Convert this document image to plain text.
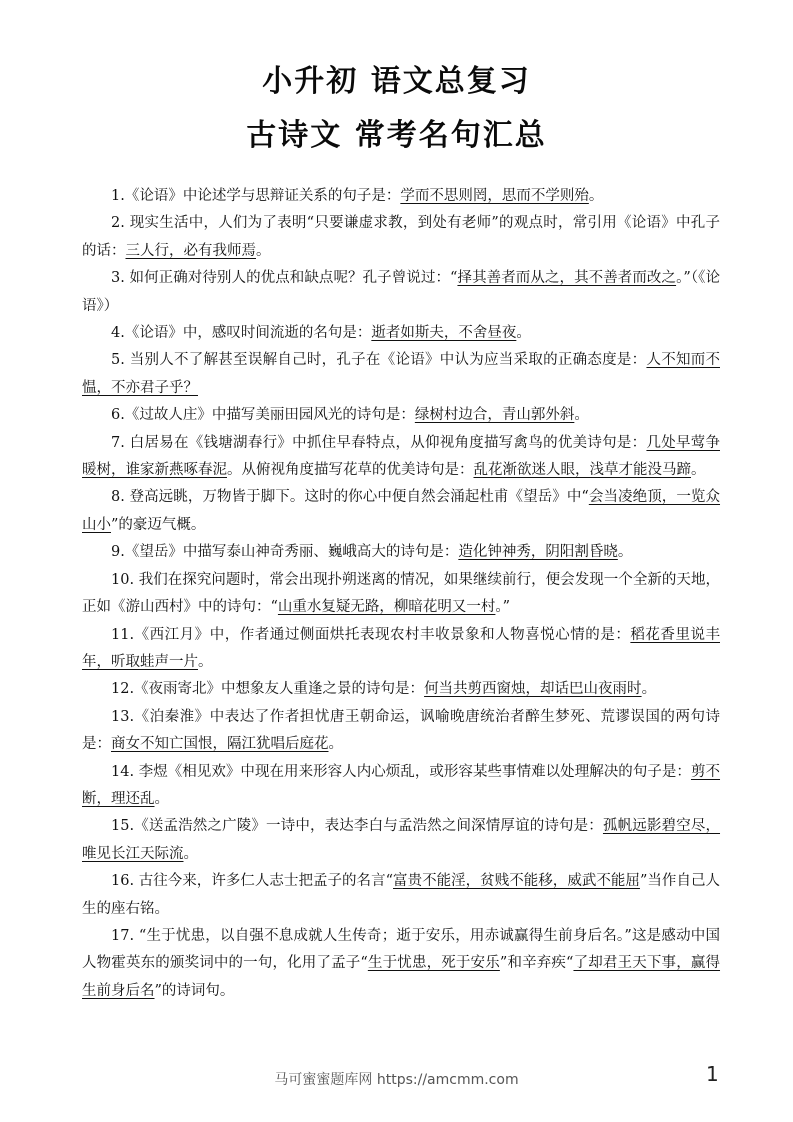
小升初 语文总复习
古诗文 常考名句汇总

1.《论语》中论述学与思辩证关系的句子是：学而不思则罔，思而不学则殆。

2. 现实生活中，人们为了表明“只要谦虚求教，到处有老师”的观点时，常引用《论语》中孔子的话：三人行，必有我师焉。

3. 如何正确对待别人的优点和缺点呢？孔子曾说过：“择其善者而从之，其不善者而改之。”（《论语》）

4.《论语》中，感叹时间流逝的名句是：逝者如斯夫，不舍昼夜。

5. 当别人不了解甚至误解自己时，孔子在《论语》中认为应当采取的正确态度是：人不知而不愠，不亦君子乎？

6.《过故人庄》中描写美丽田园风光的诗句是：绿树村边合，青山郭外斜。

7. 白居易在《钱塘湖春行》中抓住早春特点，从仰视角度描写禽鸟的优美诗句是：几处早莺争暖树，谁家新燕啄春泥。从俯视角度描写花草的优美诗句是：乱花渐欲迷人眼，浅草才能没马蹄。

8. 登高远眺，万物皆于脚下。这时的你心中便自然会涌起杜甫《望岳》中“会当凌绝顶，一览众山小”的豪迈气概。

9.《望岳》中描写泰山神奇秀丽、巍峨高大的诗句是：造化钟神秀，阴阳割昏晓。

10. 我们在探究问题时，常会出现扑朔迷离的情况，如果继续前行，便会发现一个全新的天地，正如《游山西村》中的诗句：“山重水复疑无路，柳暗花明又一村。”

11.《西江月》中，作者通过侧面烘托表现农村丰收景象和人物喜悦心情的是：稻花香里说丰年，听取蛙声一片。

12.《夜雨寄北》中想象友人重逢之景的诗句是：何当共剪西窗烛，却话巴山夜雨时。

13.《泊秦淮》中表达了作者担忧唐王朝命运，讽喻晚唐统治者醉生梦死、荒谬误国的两句诗是：商女不知亡国恨，隔江犹唱后庭花。

14. 李煜《相见欢》中现在用来形容人内心烦乱，或形容某些事情难以处理解决的句子是：剪不断，理还乱。

15.《送孟浩然之广陵》一诗中，表达李白与孟浩然之间深情厚谊的诗句是：孤帆远影碧空尽，唯见长江天际流。

16. 古往今来，许多仁人志士把孟子的名言“富贵不能淫，贫贱不能移，威武不能屈”当作自己人生的座右铭。

17. “生于忧患，以自强不息成就人生传奇；逝于安乐，用赤诚赢得生前身后名。”这是感动中国人物霍英东的颁奖词中的一句，化用了孟子“生于忧患，死于安乐”和辛弃疾“了却君王天下事，赢得生前身后名”的诗词句。

马可蜜蜜题库网 https://amcmm.com	1
